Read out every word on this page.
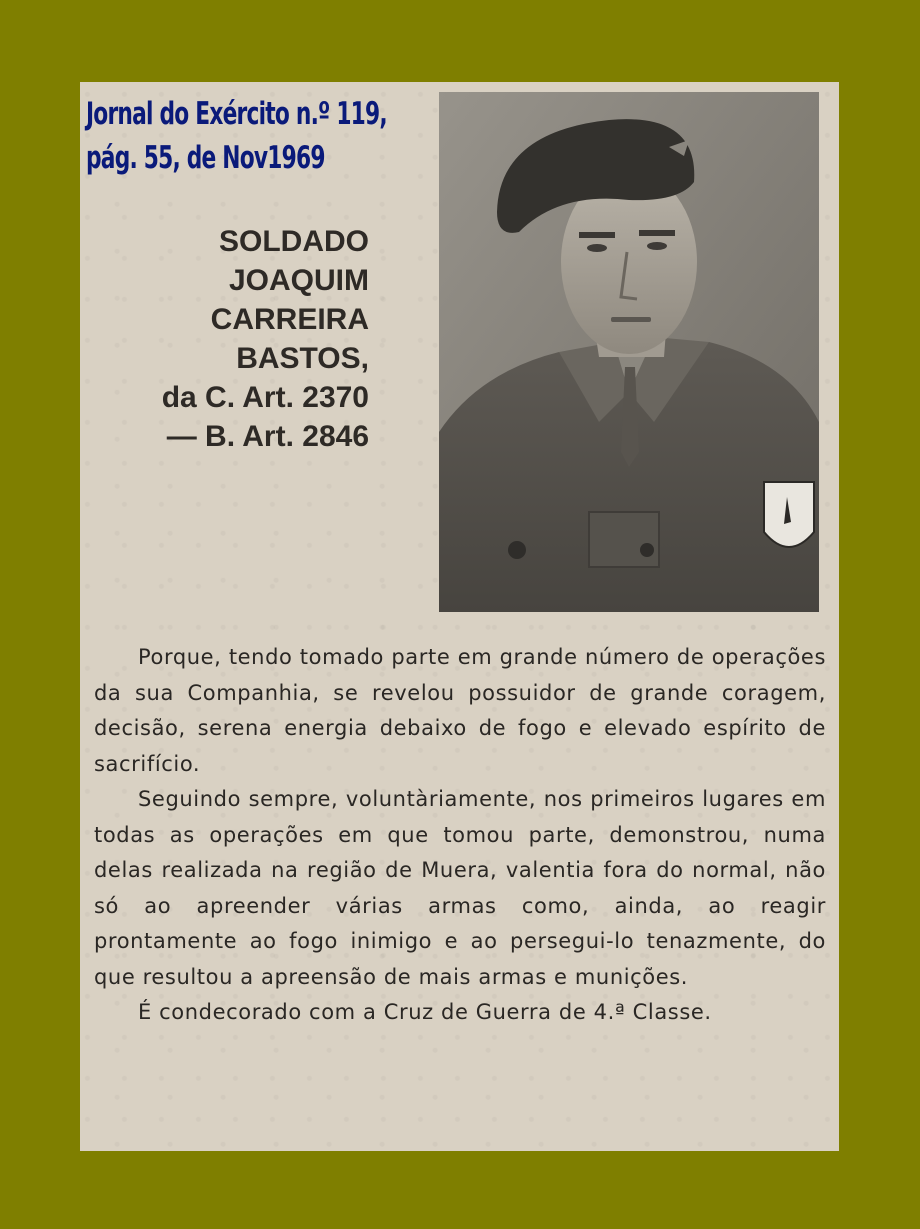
Jornal do Exército n.º 119,
pág. 55, de Nov1969
SOLDADO
JOAQUIM
CARREIRA
BASTOS,
da C. Art. 2370
— B. Art. 2846

Porque, tendo tomado parte em grande número de operações da sua Companhia, se revelou possuidor de grande coragem, decisão, serena energia debaixo de fogo e elevado espírito de sacrifício.

Seguindo sempre, voluntàriamente, nos primeiros lugares em todas as operações em que tomou parte, demonstrou, numa delas realizada na região de Muera, valentia fora do normal, não só ao apreender várias armas como, ainda, ao reagir prontamente ao fogo inimigo e ao persegui-lo tenazmente, do que resultou a apreensão de mais armas e munições.

É condecorado com a Cruz de Guerra de 4.ª Classe.
